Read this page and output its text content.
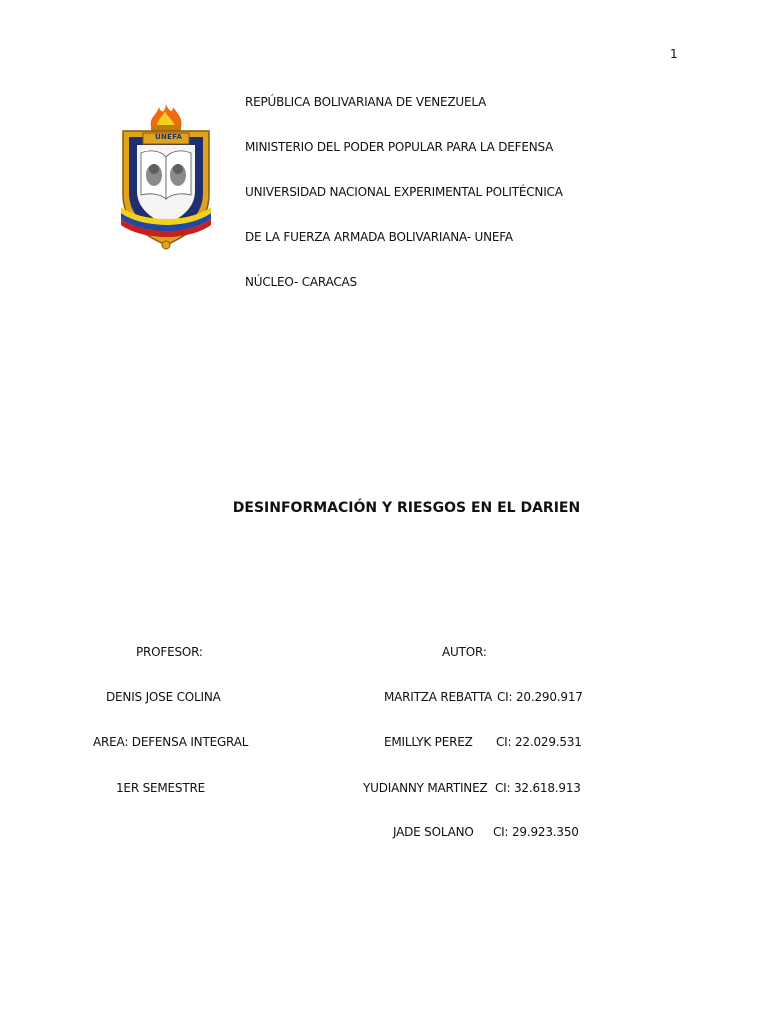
1
UNEFA
REPÚBLICA BOLIVARIANA DE VENEZUELA
MINISTERIO DEL PODER POPULAR PARA LA DEFENSA
UNIVERSIDAD NACIONAL EXPERIMENTAL POLITÉCNICA
DE LA FUERZA ARMADA BOLIVARIANA- UNEFA
NÚCLEO- CARACAS
DESINFORMACIÓN Y RIESGOS EN EL DARIEN
PROFESOR:
DENIS JOSE COLINA
AREA: DEFENSA INTEGRAL
1ER SEMESTRE
AUTOR:
MARITZA REBATTA CI: 20.290.917
EMILLYK PEREZ CI: 22.029.531
YUDIANNY MARTINEZ CI: 32.618.913
JADE SOLANO CI: 29.923.350
